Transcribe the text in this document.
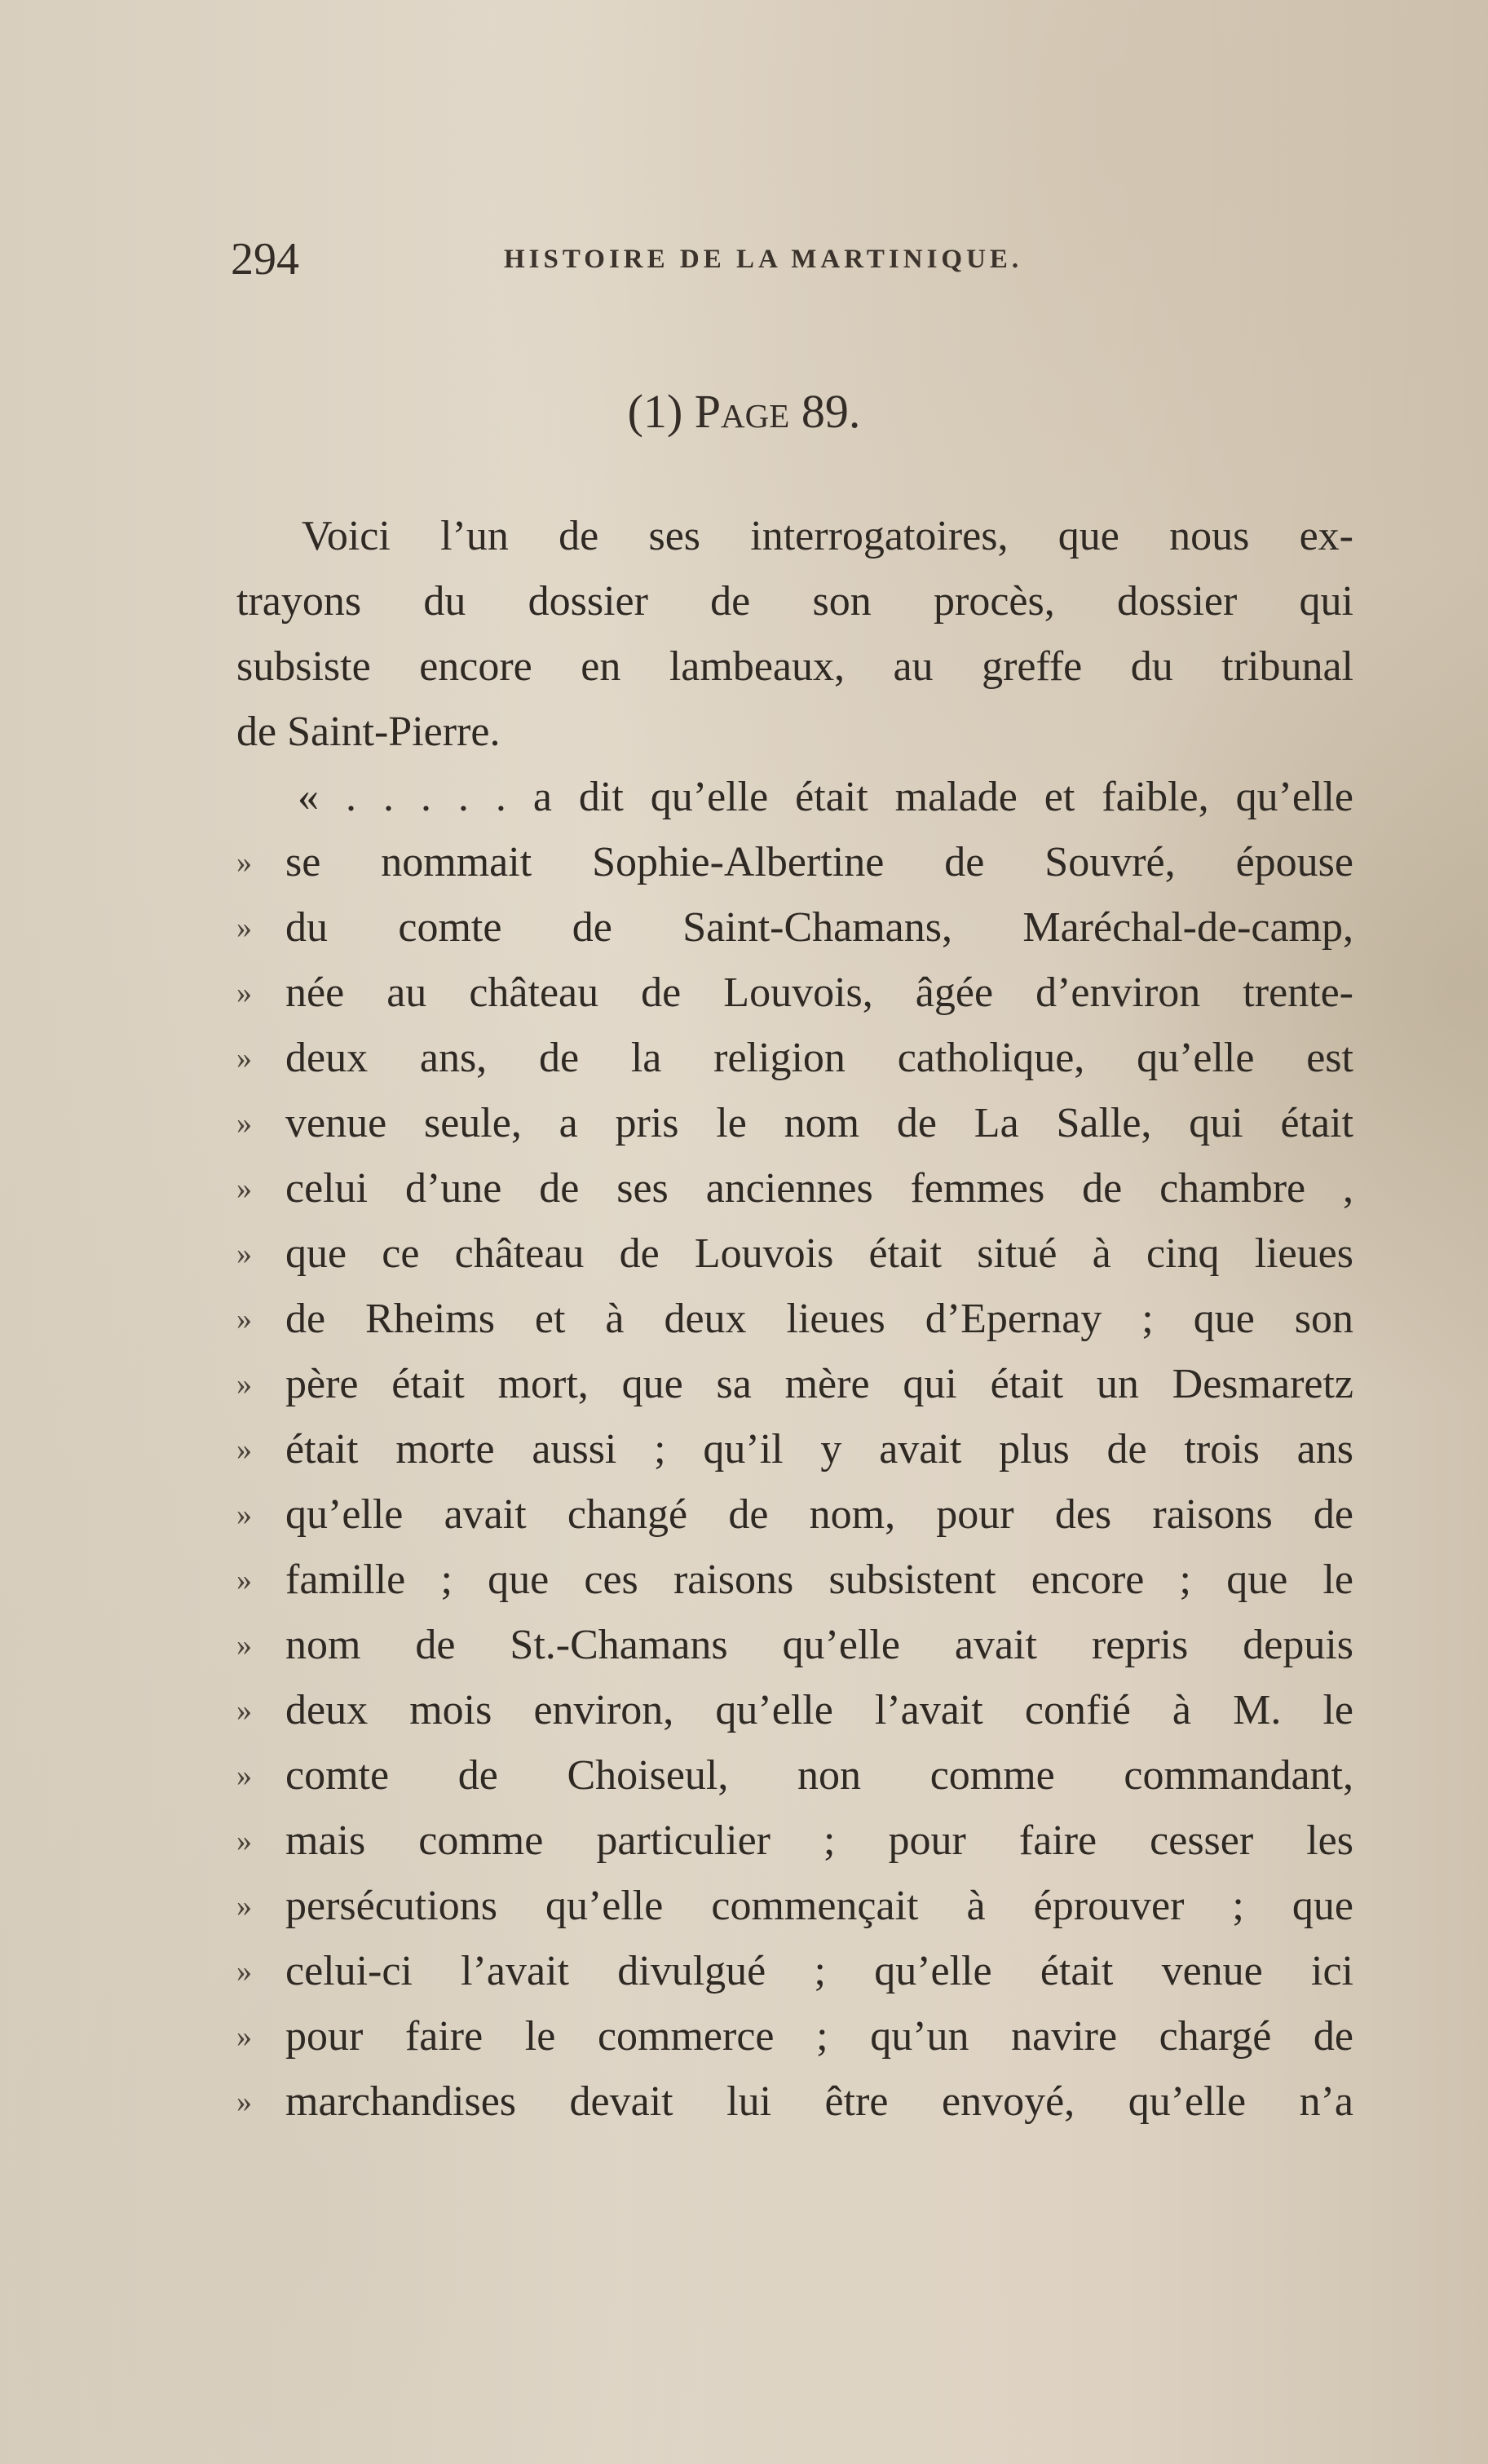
294	HISTOIRE DE LA MARTINIQUE.
(1) Page 89.
Voici l’un de ses interrogatoires, que nous ex-
trayons du dossier de son procès, dossier qui
subsiste encore en lambeaux, au greffe du tribunal
de Saint-Pierre.
« . . . . . a dit qu’elle était malade et faible, qu’elle
» se nommait Sophie-Albertine de Souvré, épouse
» du comte de Saint-Chamans, Maréchal-de-camp,
» née au château de Louvois, âgée d’environ trente-
» deux ans, de la religion catholique, qu’elle est
» venue seule, a pris le nom de La Salle, qui était
» celui d’une de ses anciennes femmes de chambre ,
» que ce château de Louvois était situé à cinq lieues
» de Rheims et à deux lieues d’Epernay ; que son
» père était mort, que sa mère qui était un Desmaretz
» était morte aussi ; qu’il y avait plus de trois ans
» qu’elle avait changé de nom, pour des raisons de
» famille ; que ces raisons subsistent encore ; que le
» nom de St.-Chamans qu’elle avait repris depuis
» deux mois environ, qu’elle l’avait confié à M. le
» comte de Choiseul, non comme commandant,
» mais comme particulier ; pour faire cesser les
» persécutions qu’elle commençait à éprouver ; que
» celui-ci l’avait divulgué ; qu’elle était venue ici
» pour faire le commerce ; qu’un navire chargé de
» marchandises devait lui être envoyé, qu’elle n’a
